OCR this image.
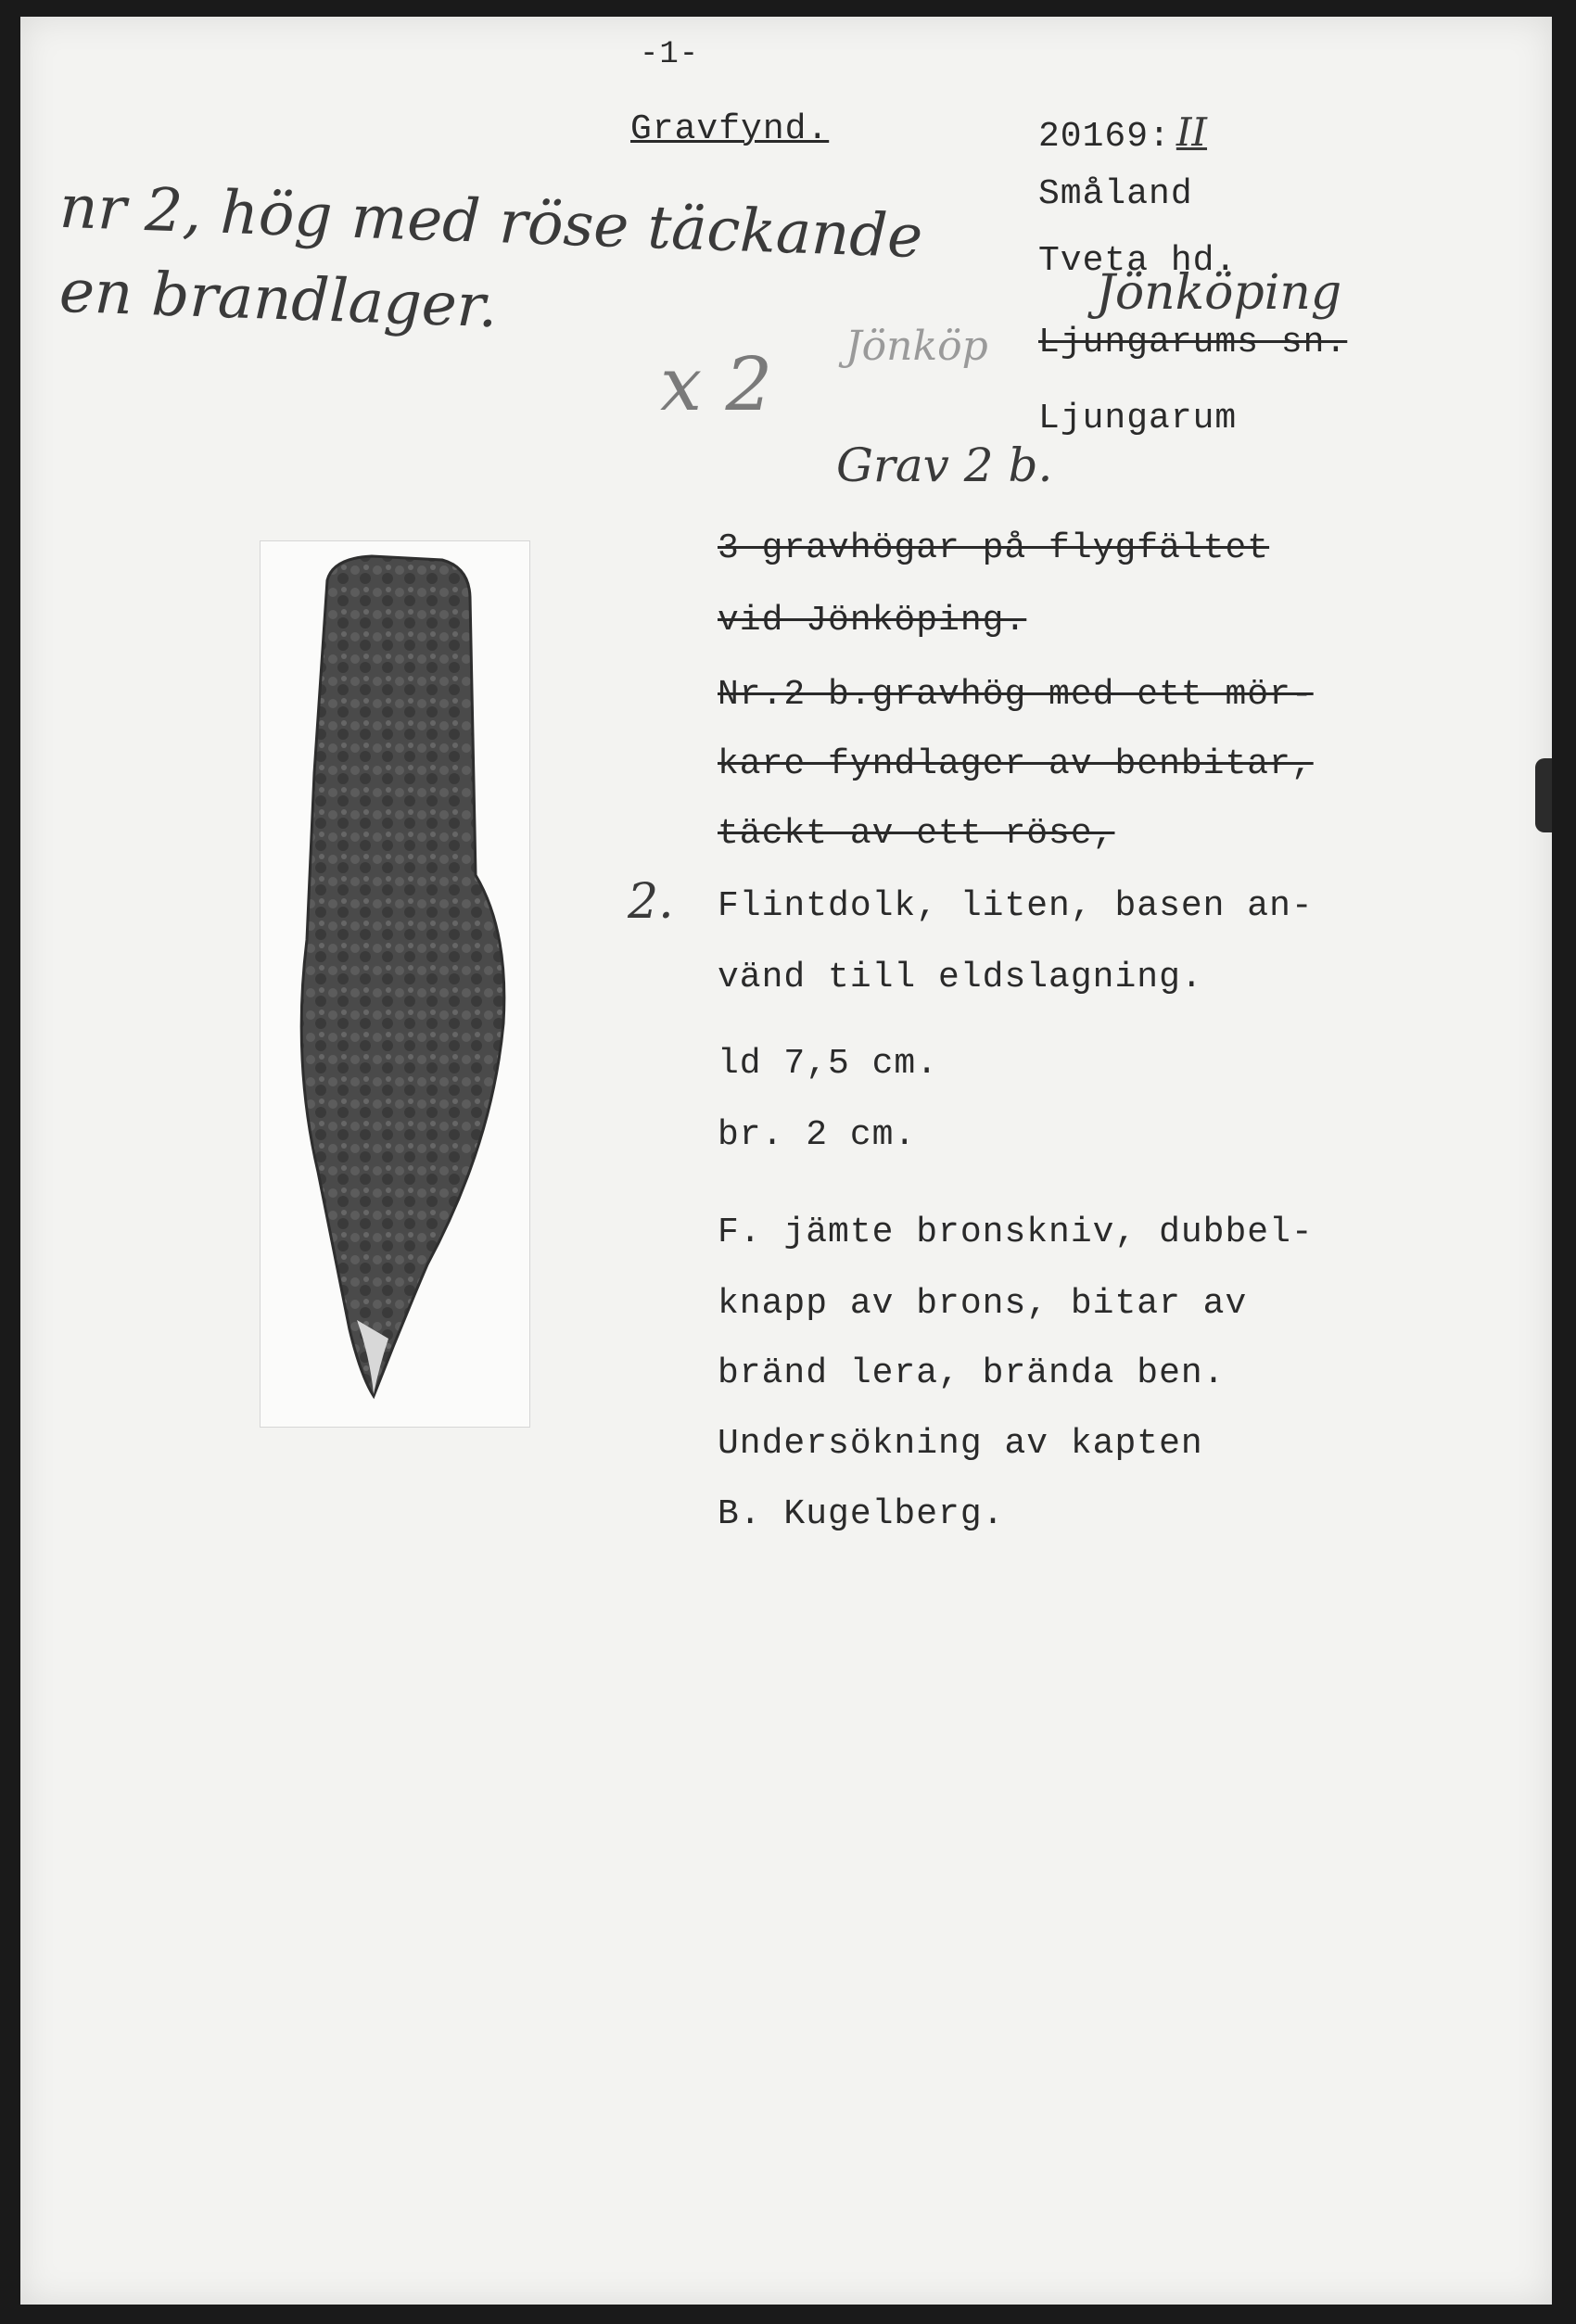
-1-
Gravfynd.	20169: II
Småland
Tveta hd.
Jönköping
Ljungarums sn.
Ljungarum
Grav 2 b.
nr 2, hög med röse täckande
en brandlager.
x 2 Jönköp
3 gravhögar på flygfältet
vid Jönköping.
Nr.2 b.gravhög med ett mör-
kare fyndlager av benbitar,
täckt av ett röse,
2. Flintdolk, liten, basen an-
vänd till eldslagning.
ld 7,5 cm.
br. 2 cm.
F. jämte bronskniv, dubbel-
knapp av brons, bitar av
bränd lera, brända ben.
Undersökning av kapten
B. Kugelberg.
